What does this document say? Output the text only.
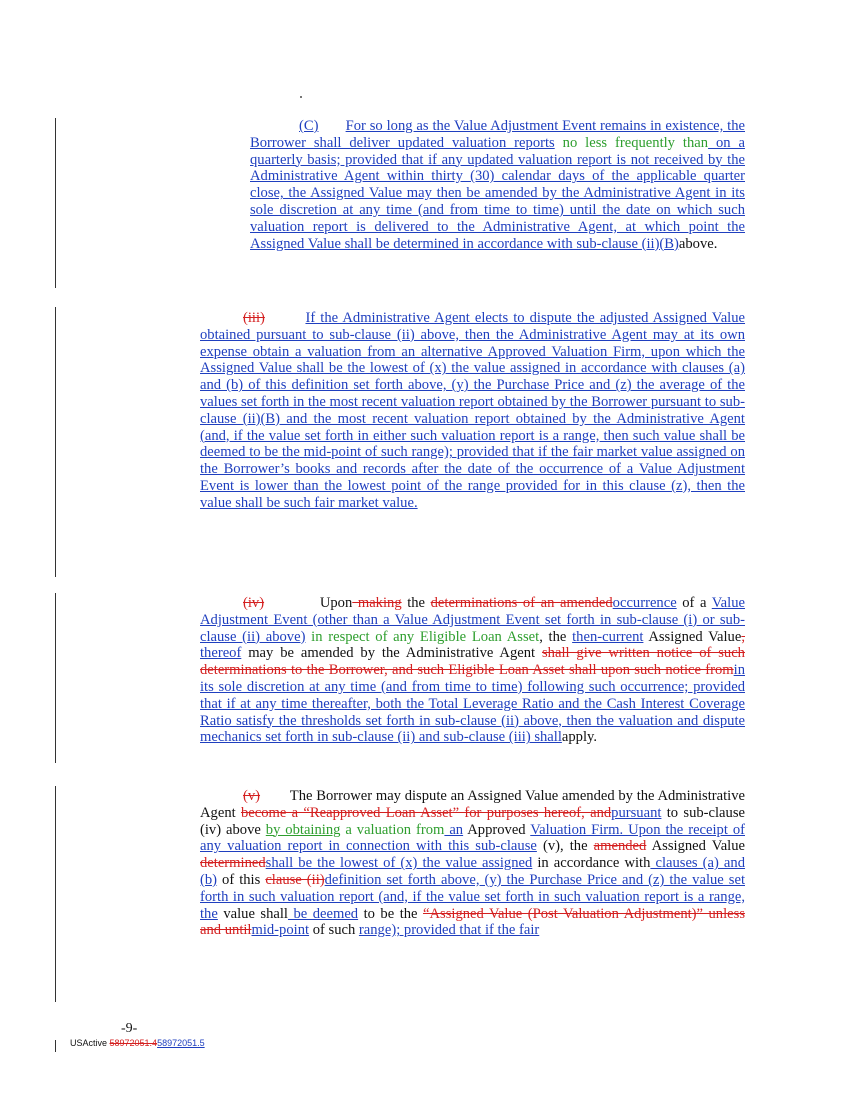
(C) For so long as the Value Adjustment Event remains in existence, the Borrower shall deliver updated valuation reports no less frequently than on a quarterly basis; provided that if any updated valuation report is not received by the Administrative Agent within thirty (30) calendar days of the applicable quarter close, the Assigned Value may then be amended by the Administrative Agent in its sole discretion at any time (and from time to time) until the date on which such valuation report is delivered to the Administrative Agent, at which point the Assigned Value shall be determined in accordance with sub-clause (ii)(B)above.
(iii)	If the Administrative Agent elects to dispute the adjusted Assigned Value obtained pursuant to sub-clause (ii) above, then the Administrative Agent may at its own expense obtain a valuation from an alternative Approved Valuation Firm, upon which the Assigned Value shall be the lowest of (x) the value assigned in accordance with clauses (a) and (b) of this definition set forth above, (y) the Purchase Price and (z) the average of the values set forth in the most recent valuation report obtained by the Borrower pursuant to sub-clause (ii)(B) and the most recent valuation report obtained by the Administrative Agent (and, if the value set forth in either such valuation report is a range, then such value shall be deemed to be the mid-point of such range); provided that if the fair market value assigned on the Borrower’s books and records after the date of the occurrence of a Value Adjustment Event is lower than the lowest point of the range provided for in this clause (z), then the value shall be such fair market value.
(iv)	Upon making the determinations of an amendedoccurrence of a Value Adjustment Event (other than a Value Adjustment Event set forth in sub-clause (i) or sub-clause (ii) above) in respect of any Eligible Loan Asset, the then-current Assigned Value, thereof may be amended by the Administrative Agent shall give written notice of such determinations to the Borrower, and such Eligible Loan Asset shall upon such notice fromin its sole discretion at any time (and from time to time) following such occurrence; provided that if at any time thereafter, both the Total Leverage Ratio and the Cash Interest Coverage Ratio satisfy the thresholds set forth in sub-clause (ii) above, then the valuation and dispute mechanics set forth in sub-clause (ii) and sub-clause (iii) shallapply.
(v) The Borrower may dispute an Assigned Value amended by the Administrative Agent become a “Reapproved Loan Asset” for purposes hereof, andpursuant to sub-clause (iv) above by obtaining a valuation from an Approved Valuation Firm. Upon the receipt of any valuation report in connection with this sub-clause (v), the amended Assigned Value determinedshall be the lowest of (x) the value assigned in accordance with clauses (a) and (b) of this clause (ii)definition set forth above, (y) the Purchase Price and (z) the value set forth in such valuation report (and, if the value set forth in such valuation report is a range, the value shall be deemed to be the “Assigned Value (Post Valuation Adjustment)” unless and untilmid-point of such range); provided that if the fair
-9-
USActive 58972051.458972051.5
